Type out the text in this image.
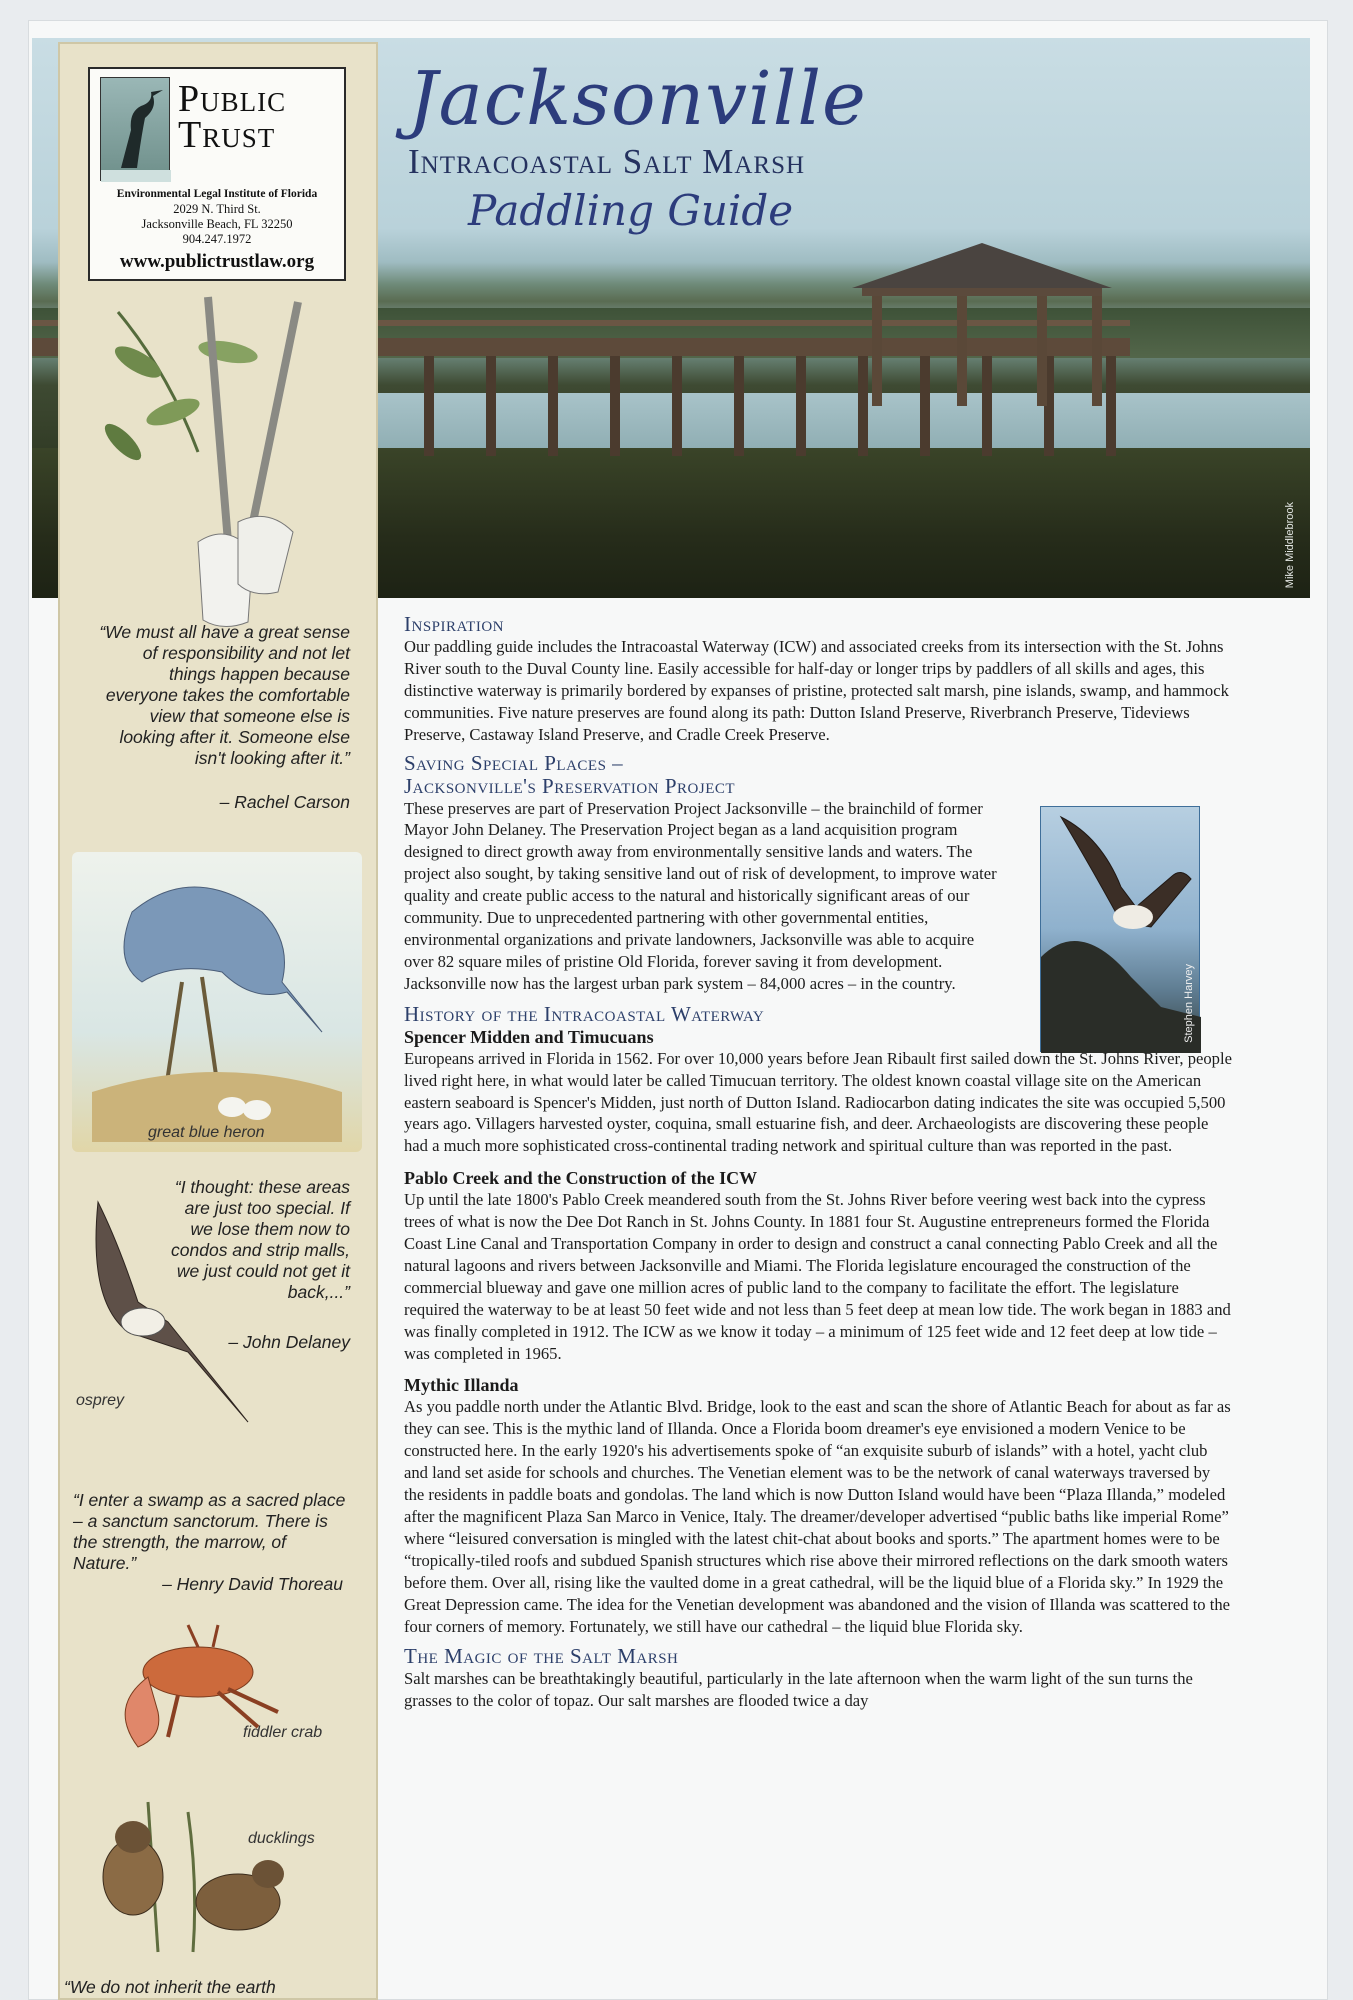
Mike Middlebrook
Jacksonville
Intracoastal Salt Marsh
Paddling Guide
Public
Trust
Environmental Legal Institute of Florida
2029 N. Third St.
Jacksonville Beach, FL 32250
904.247.1972
www.publictrustlaw.org
“We must all have a great sense of responsibility and not let things happen because everyone takes the comfortable view that someone else is looking after it. Someone else isn't looking after it.”
– Rachel Carson
great blue heron
“I thought: these areas are just too special. If we lose them now to condos and strip malls, we just could not get it back,...”
– John Delaney
osprey
“I enter a swamp as a sacred place – a sanctum sanctorum. There is the strength, the marrow, of Nature.”
– Henry David Thoreau
fiddler crab
ducklings
“We do not inherit the earth
Stephen Harvey
Inspiration

Our paddling guide includes the Intracoastal Waterway (ICW) and associated creeks from its intersection with the St. Johns River south to the Duval County line. Easily accessible for half-day or longer trips by paddlers of all skills and ages, this distinctive waterway is primarily bordered by expanses of pristine, protected salt marsh, pine islands, swamp, and hammock communities. Five nature preserves are found along its path: Dutton Island Preserve, Riverbranch Preserve, Tideviews Preserve, Castaway Island Preserve, and Cradle Creek Preserve.

Saving Special Places –
Jacksonville's Preservation Project

These preserves are part of Preservation Project Jacksonville – the brainchild of former Mayor John Delaney. The Preservation Project began as a land acquisition program designed to direct growth away from environmentally sensitive lands and waters. The project also sought, by taking sensitive land out of risk of development, to improve water quality and create public access to the natural and historically significant areas of our community. Due to unprecedented partnering with other governmental entities, environmental organizations and private landowners, Jacksonville was able to acquire over 82 square miles of pristine Old Florida, forever saving it from development. Jacksonville now has the largest urban park system – 84,000 acres – in the country.

History of the Intracoastal Waterway
Spencer Midden and Timucuans

Europeans arrived in Florida in 1562. For over 10,000 years before Jean Ribault first sailed down the St. Johns River, people lived right here, in what would later be called Timucuan territory. The oldest known coastal village site on the American eastern seaboard is Spencer's Midden, just north of Dutton Island. Radiocarbon dating indicates the site was occupied 5,500 years ago. Villagers harvested oyster, coquina, small estuarine fish, and deer. Archaeologists are discovering these people had a much more sophisticated cross-continental trading network and spiritual culture than was reported in the past.

Pablo Creek and the Construction of the ICW

Up until the late 1800's Pablo Creek meandered south from the St. Johns River before veering west back into the cypress trees of what is now the Dee Dot Ranch in St. Johns County. In 1881 four St. Augustine entrepreneurs formed the Florida Coast Line Canal and Transportation Company in order to design and construct a canal connecting Pablo Creek and all the natural lagoons and rivers between Jacksonville and Miami. The Florida legislature encouraged the construction of the commercial blueway and gave one million acres of public land to the company to facilitate the effort. The legislature required the waterway to be at least 50 feet wide and not less than 5 feet deep at mean low tide. The work began in 1883 and was finally completed in 1912. The ICW as we know it today – a minimum of 125 feet wide and 12 feet deep at low tide – was completed in 1965.

Mythic Illanda

As you paddle north under the Atlantic Blvd. Bridge, look to the east and scan the shore of Atlantic Beach for about as far as they can see. This is the mythic land of Illanda. Once a Florida boom dreamer's eye envisioned a modern Venice to be constructed here. In the early 1920's his advertisements spoke of “an exquisite suburb of islands” with a hotel, yacht club and land set aside for schools and churches. The Venetian element was to be the network of canal waterways traversed by the residents in paddle boats and gondolas. The land which is now Dutton Island would have been “Plaza Illanda,” modeled after the magnificent Plaza San Marco in Venice, Italy. The dreamer/developer advertised “public baths like imperial Rome” where “leisured conversation is mingled with the latest chit-chat about books and sports.” The apartment homes were to be “tropically-tiled roofs and subdued Spanish structures which rise above their mirrored reflections on the dark smooth waters before them. Over all, rising like the vaulted dome in a great cathedral, will be the liquid blue of a Florida sky.” In 1929 the Great Depression came. The idea for the Venetian development was abandoned and the vision of Illanda was scattered to the four corners of memory. Fortunately, we still have our cathedral – the liquid blue Florida sky.

The Magic of the Salt Marsh

Salt marshes can be breathtakingly beautiful, particularly in the late afternoon when the warm light of the sun turns the grasses to the color of topaz. Our salt marshes are flooded twice a day
